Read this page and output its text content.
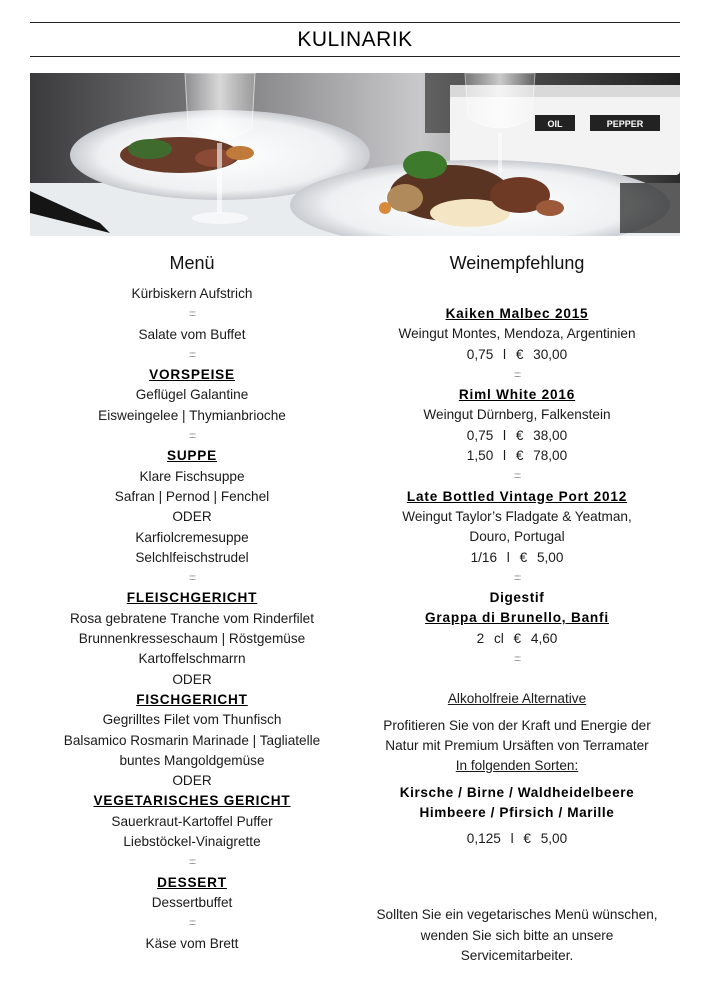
KULINARIK
OIL	PEPPER
Menü
Kürbiskern Aufstrich
:::::
Salate vom Buffet
:::::
VORSPEISE
Geflügel Galantine
Eisweingelee | Thymianbrioche
:::::
SUPPE
Klare Fischsuppe
Safran | Pernod | Fenchel
ODER
Karfiolcremesuppe
Selchlfeischstrudel
:::::
FLEISCHGERICHT
Rosa gebratene Tranche vom Rinderfilet
Brunnenkresseschaum | Röstgemüse
Kartoffelschmarrn
ODER
FISCHGERICHT
Gegrilltes Filet vom Thunfisch
Balsamico Rosmarin Marinade | Tagliatelle
buntes Mangoldgemüse
ODER
VEGETARISCHES GERICHT
Sauerkraut-Kartoffel Puffer
Liebstöckel-Vinaigrette
:::::
DESSERT
Dessertbuffet
:::::
Käse vom Brett
Weinempfehlung
Kaiken Malbec 2015
Weingut Montes, Mendoza, Argentinien
0,75 l € 30,00
:::::
Riml White 2016
Weingut Dürnberg, Falkenstein
0,75 l € 38,00
1,50 l € 78,00
:::::
Late Bottled Vintage Port 2012
Weingut Taylor’s Fladgate & Yeatman,
Douro, Portugal
1/16 l € 5,00
:::::
Digestif
Grappa di Brunello, Banfi
2 cl € 4,60
:::::
Alkoholfreie Alternative
Profitieren Sie von der Kraft und Energie der
Natur mit Premium Ursäften von Terramater
In folgenden Sorten:
Kirsche / Birne / Waldheidelbeere
Himbeere / Pfirsich / Marille
0,125 l € 5,00
Sollten Sie ein vegetarisches Menü wünschen,
wenden Sie sich bitte an unsere
Servicemitarbeiter.
